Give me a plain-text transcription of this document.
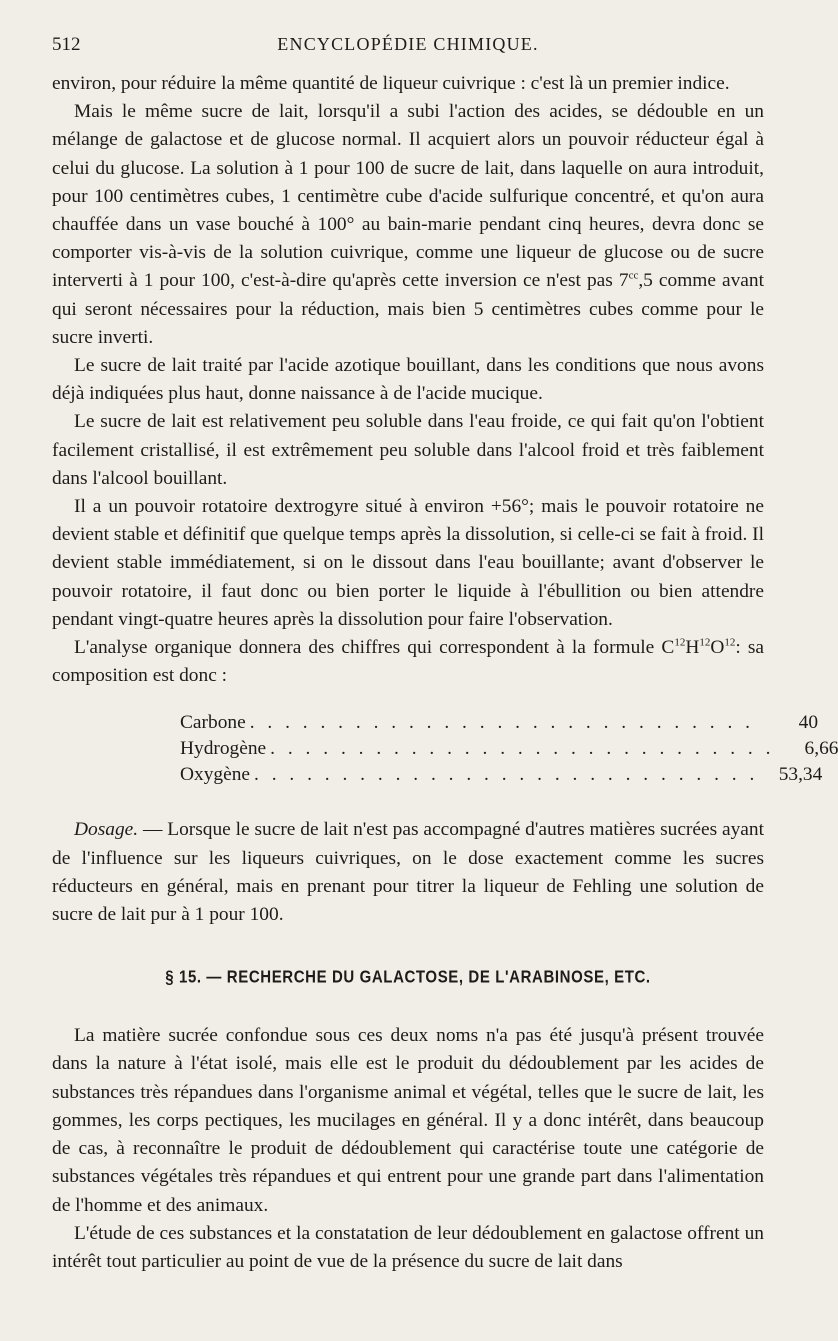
512	ENCYCLOPÉDIE CHIMIQUE.

environ, pour réduire la même quantité de liqueur cuivrique : c'est là un premier indice.

Mais le même sucre de lait, lorsqu'il a subi l'action des acides, se dédouble en un mélange de galactose et de glucose normal. Il acquiert alors un pouvoir réducteur égal à celui du glucose. La solution à 1 pour 100 de sucre de lait, dans laquelle on aura introduit, pour 100 centimètres cubes, 1 centimètre cube d'acide sulfurique concentré, et qu'on aura chauffée dans un vase bouché à 100° au bain-marie pendant cinq heures, devra donc se comporter vis-à-vis de la solution cuivrique, comme une liqueur de glucose ou de sucre interverti à 1 pour 100, c'est-à-dire qu'après cette inversion ce n'est pas $7^{cc},5$ comme avant qui seront nécessaires pour la réduction, mais bien 5 centimètres cubes comme pour le sucre inverti.

Le sucre de lait traité par l'acide azotique bouillant, dans les conditions que nous avons déjà indiquées plus haut, donne naissance à de l'acide mucique.

Le sucre de lait est relativement peu soluble dans l'eau froide, ce qui fait qu'on l'obtient facilement cristallisé, il est extrêmement peu soluble dans l'alcool froid et très faiblement dans l'alcool bouillant.

Il a un pouvoir rotatoire dextrogyre situé à environ +56°; mais le pouvoir rotatoire ne devient stable et définitif que quelque temps après la dissolution, si celle-ci se fait à froid. Il devient stable immédiatement, si on le dissout dans l'eau bouillante; avant d'observer le pouvoir rotatoire, il faut donc ou bien porter le liquide à l'ébullition ou bien attendre pendant vingt-quatre heures après la dissolution pour faire l'observation.

L'analyse organique donnera des chiffres qui correspondent à la formule $C^{12}H^{12}O^{12}$: sa composition est donc :

Carbone . . . . . . . . . . . . . . . . . . . . . . . . . . . . .	40
Hydrogène . . . . . . . . . . . . . . . . . . . . . . . . . . . . .	6,66
Oxygène . . . . . . . . . . . . . . . . . . . . . . . . . . . . .	53,34

Dosage. — Lorsque le sucre de lait n'est pas accompagné d'autres matières sucrées ayant de l'influence sur les liqueurs cuivriques, on le dose exactement comme les sucres réducteurs en général, mais en prenant pour titrer la liqueur de Fehling une solution de sucre de lait pur à 1 pour 100.

§ 15. — RECHERCHE DU GALACTOSE, DE L'ARABINOSE, ETC.

La matière sucrée confondue sous ces deux noms n'a pas été jusqu'à présent trouvée dans la nature à l'état isolé, mais elle est le produit du dédoublement par les acides de substances très répandues dans l'organisme animal et végétal, telles que le sucre de lait, les gommes, les corps pectiques, les mucilages en général. Il y a donc intérêt, dans beaucoup de cas, à reconnaître le produit de dédoublement qui caractérise toute une catégorie de substances végétales très répandues et qui entrent pour une grande part dans l'alimentation de l'homme et des animaux.

L'étude de ces substances et la constatation de leur dédoublement en galactose offrent un intérêt tout particulier au point de vue de la présence du sucre de lait dans
